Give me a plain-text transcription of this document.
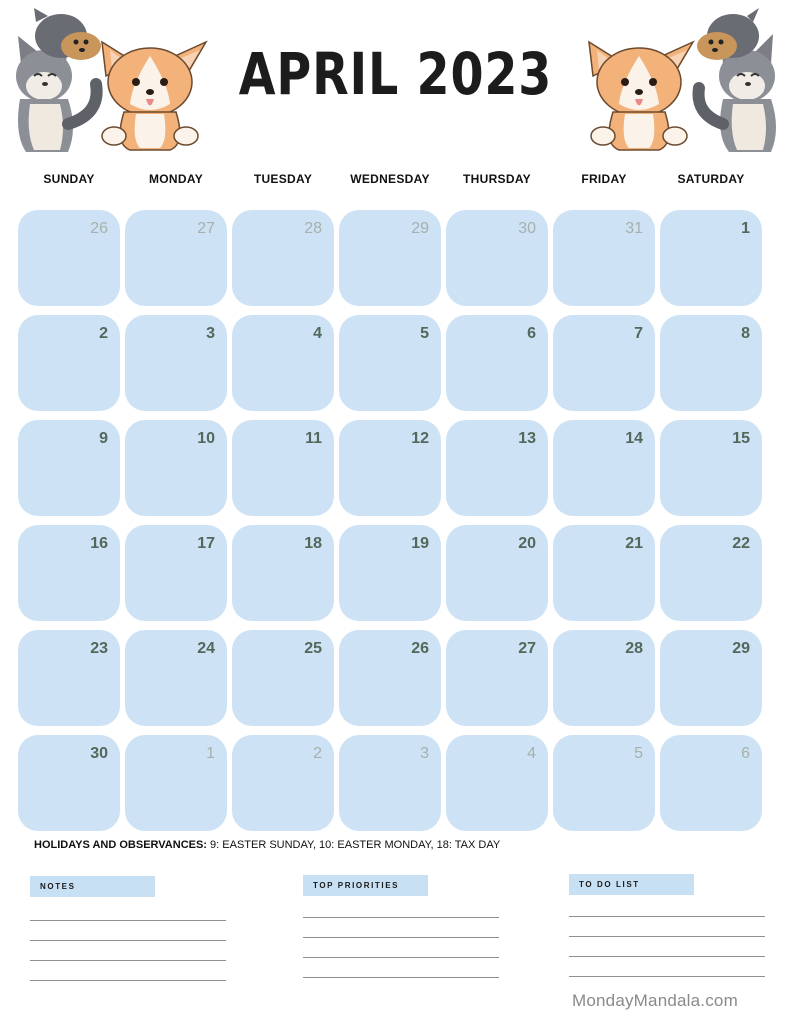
APRIL 2023
SUNDAY	MONDAY	TUESDAY	WEDNESDAY	THURSDAY	FRIDAY	SATURDAY
26	27	28	29	30	31	1
2	3	4	5	6	7	8
9	10	11	12	13	14	15
16	17	18	19	20	21	22
23	24	25	26	27	28	29
30	1	2	3	4	5	6
HOLIDAYS AND OBSERVANCES: 9: EASTER SUNDAY, 10: EASTER MONDAY, 18: TAX DAY
NOTES	TOP PRIORITIES	TO DO LIST
MondayMandala.com
